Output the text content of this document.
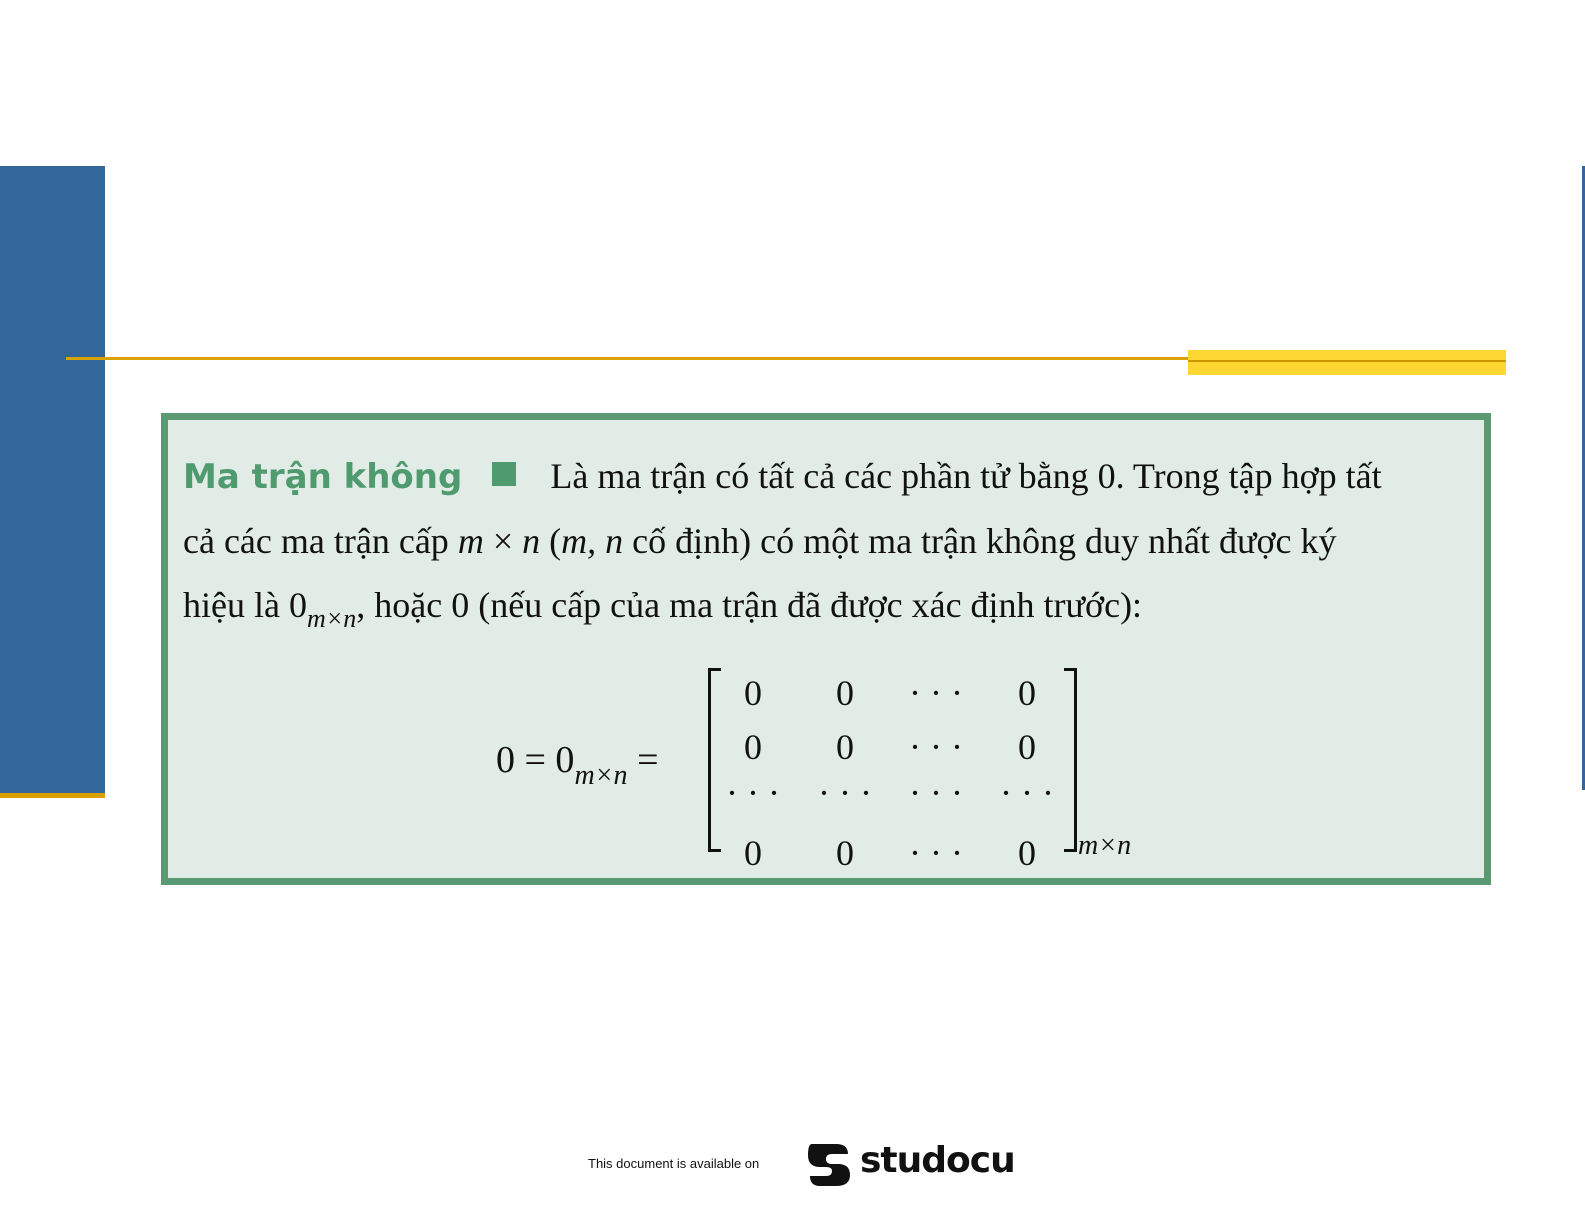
Ma trận không Là ma trận có tất cả các phần tử bằng 0. Trong tập hợp tất
cả các ma trận cấp m × n (m, n cố định) có một ma trận không duy nhất được ký
hiệu là $0_{m\times n}$, hoặc 0 (nếu cấp của ma trận đã được xác định trước):
$0 = 0_{m\times n}$ =
0	0	· · ·	0
0	0	· · ·	0
· · ·	· · ·	· · ·	· · ·
0	0	· · ·	0	m×n
This document is available on	studocu
